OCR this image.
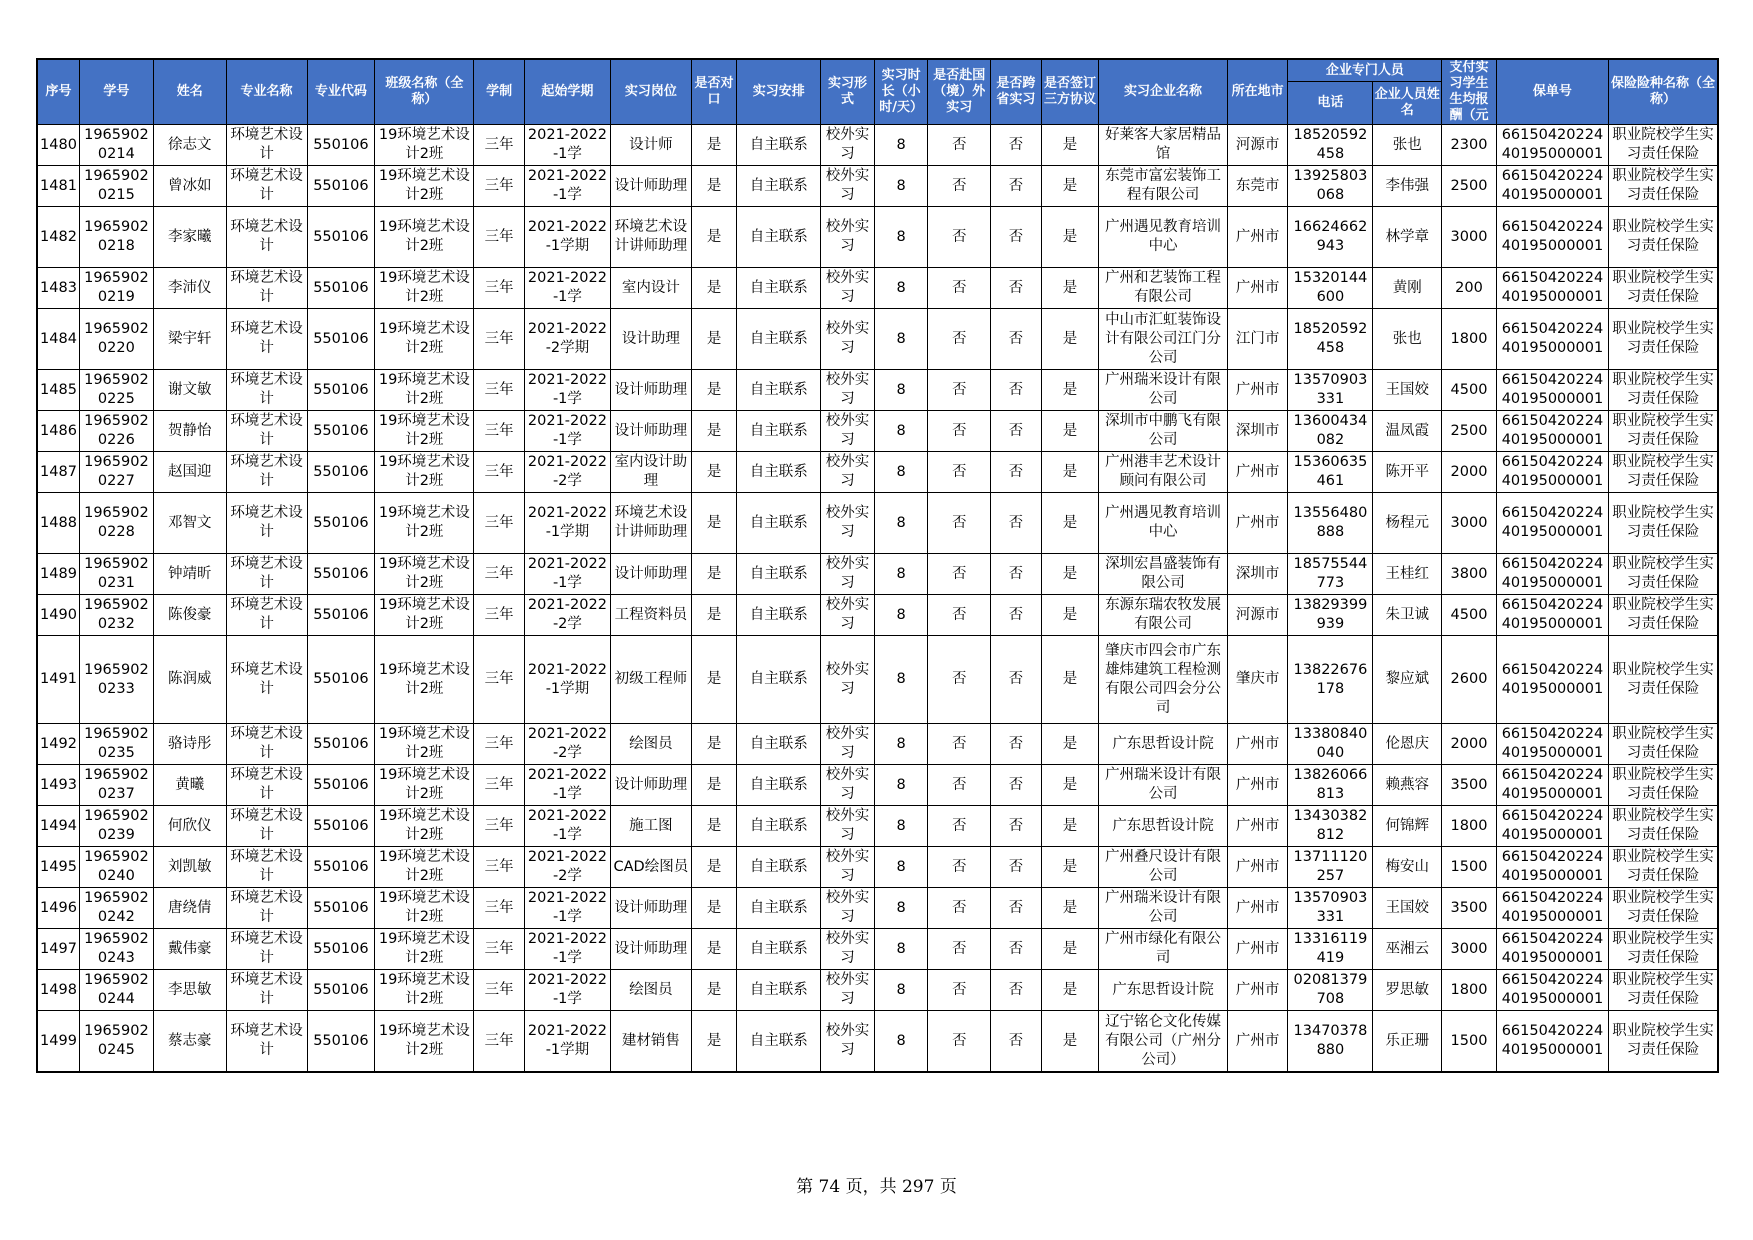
序号	学号	姓名	专业名称	专业代码	班级名称（全称）	学制	起始学期	实习岗位	是否对口	实习安排	实习形式	实习时长（小时/天）	是否赴国（境）外实习	是否跨省实习	是否签订三方协议	实习企业名称	所在地市	企业专门人员		支付实习学生生均报酬（元	保单号	保险险种名称（全称）
																		电话	企业人员姓名			
1480	19659020214	徐志文	环境艺术设计	550106	19环境艺术设计2班	三年	2021-2022-1学	设计师	是	自主联系	校外实习	8	否	否	是	好莱客大家居精品馆	河源市	18520592458	张也	2300	6615042022440195000001	职业院校学生实习责任保险
1481	19659020215	曾冰如	环境艺术设计	550106	19环境艺术设计2班	三年	2021-2022-1学	设计师助理	是	自主联系	校外实习	8	否	否	是	东莞市富宏装饰工程有限公司	东莞市	13925803068	李伟强	2500	6615042022440195000001	职业院校学生实习责任保险
1482	19659020218	李家曦	环境艺术设计	550106	19环境艺术设计2班	三年	2021-2022-1学期	环境艺术设计讲师助理	是	自主联系	校外实习	8	否	否	是	广州遇见教育培训中心	广州市	16624662943	林学章	3000	6615042022440195000001	职业院校学生实习责任保险
1483	19659020219	李沛仪	环境艺术设计	550106	19环境艺术设计2班	三年	2021-2022-1学	室内设计	是	自主联系	校外实习	8	否	否	是	广州和艺装饰工程有限公司	广州市	15320144600	黄刚	200	6615042022440195000001	职业院校学生实习责任保险
1484	19659020220	梁宇轩	环境艺术设计	550106	19环境艺术设计2班	三年	2021-2022-2学期	设计助理	是	自主联系	校外实习	8	否	否	是	中山市汇虹装饰设计有限公司江门分公司	江门市	18520592458	张也	1800	6615042022440195000001	职业院校学生实习责任保险
1485	19659020225	谢文敏	环境艺术设计	550106	19环境艺术设计2班	三年	2021-2022-1学	设计师助理	是	自主联系	校外实习	8	否	否	是	广州瑞米设计有限公司	广州市	13570903331	王国姣	4500	6615042022440195000001	职业院校学生实习责任保险
1486	19659020226	贺静怡	环境艺术设计	550106	19环境艺术设计2班	三年	2021-2022-1学	设计师助理	是	自主联系	校外实习	8	否	否	是	深圳市中鹏飞有限公司	深圳市	13600434082	温凤霞	2500	6615042022440195000001	职业院校学生实习责任保险
1487	19659020227	赵国迎	环境艺术设计	550106	19环境艺术设计2班	三年	2021-2022-2学	室内设计助理	是	自主联系	校外实习	8	否	否	是	广州港丰艺术设计顾问有限公司	广州市	15360635461	陈开平	2000	6615042022440195000001	职业院校学生实习责任保险
1488	19659020228	邓智文	环境艺术设计	550106	19环境艺术设计2班	三年	2021-2022-1学期	环境艺术设计讲师助理	是	自主联系	校外实习	8	否	否	是	广州遇见教育培训中心	广州市	13556480888	杨程元	3000	6615042022440195000001	职业院校学生实习责任保险
1489	19659020231	钟靖昕	环境艺术设计	550106	19环境艺术设计2班	三年	2021-2022-1学	设计师助理	是	自主联系	校外实习	8	否	否	是	深圳宏昌盛装饰有限公司	深圳市	18575544773	王桂红	3800	6615042022440195000001	职业院校学生实习责任保险
1490	19659020232	陈俊豪	环境艺术设计	550106	19环境艺术设计2班	三年	2021-2022-2学	工程资料员	是	自主联系	校外实习	8	否	否	是	东源东瑞农牧发展有限公司	河源市	13829399939	朱卫诚	4500	6615042022440195000001	职业院校学生实习责任保险
1491	19659020233	陈润威	环境艺术设计	550106	19环境艺术设计2班	三年	2021-2022-1学期	初级工程师	是	自主联系	校外实习	8	否	否	是	肇庆市四会市广东雄炜建筑工程检测有限公司四会分公司	肇庆市	13822676178	黎应斌	2600	6615042022440195000001	职业院校学生实习责任保险
1492	19659020235	骆诗彤	环境艺术设计	550106	19环境艺术设计2班	三年	2021-2022-2学	绘图员	是	自主联系	校外实习	8	否	否	是	广东思哲设计院	广州市	13380840040	伦恩庆	2000	6615042022440195000001	职业院校学生实习责任保险
1493	19659020237	黄曦	环境艺术设计	550106	19环境艺术设计2班	三年	2021-2022-1学	设计师助理	是	自主联系	校外实习	8	否	否	是	广州瑞米设计有限公司	广州市	13826066813	赖燕容	3500	6615042022440195000001	职业院校学生实习责任保险
1494	19659020239	何欣仪	环境艺术设计	550106	19环境艺术设计2班	三年	2021-2022-1学	施工图	是	自主联系	校外实习	8	否	否	是	广东思哲设计院	广州市	13430382812	何锦辉	1800	6615042022440195000001	职业院校学生实习责任保险
1495	19659020240	刘凯敏	环境艺术设计	550106	19环境艺术设计2班	三年	2021-2022-2学	CAD绘图员	是	自主联系	校外实习	8	否	否	是	广州叠尺设计有限公司	广州市	13711120257	梅安山	1500	6615042022440195000001	职业院校学生实习责任保险
1496	19659020242	唐绕倩	环境艺术设计	550106	19环境艺术设计2班	三年	2021-2022-1学	设计师助理	是	自主联系	校外实习	8	否	否	是	广州瑞米设计有限公司	广州市	13570903331	王国姣	3500	6615042022440195000001	职业院校学生实习责任保险
1497	19659020243	戴伟豪	环境艺术设计	550106	19环境艺术设计2班	三年	2021-2022-1学	设计师助理	是	自主联系	校外实习	8	否	否	是	广州市绿化有限公司	广州市	13316119419	巫湘云	3000	6615042022440195000001	职业院校学生实习责任保险
1498	19659020244	李思敏	环境艺术设计	550106	19环境艺术设计2班	三年	2021-2022-1学	绘图员	是	自主联系	校外实习	8	否	否	是	广东思哲设计院	广州市	02081379708	罗思敏	1800	6615042022440195000001	职业院校学生实习责任保险
1499	19659020245	蔡志豪	环境艺术设计	550106	19环境艺术设计2班	三年	2021-2022-1学期	建材销售	是	自主联系	校外实习	8	否	否	是	辽宁铭仑文化传媒有限公司（广州分公司）	广州市	13470378880	乐正珊	1500	6615042022440195000001	职业院校学生实习责任保险
第 74 页，共 297 页
